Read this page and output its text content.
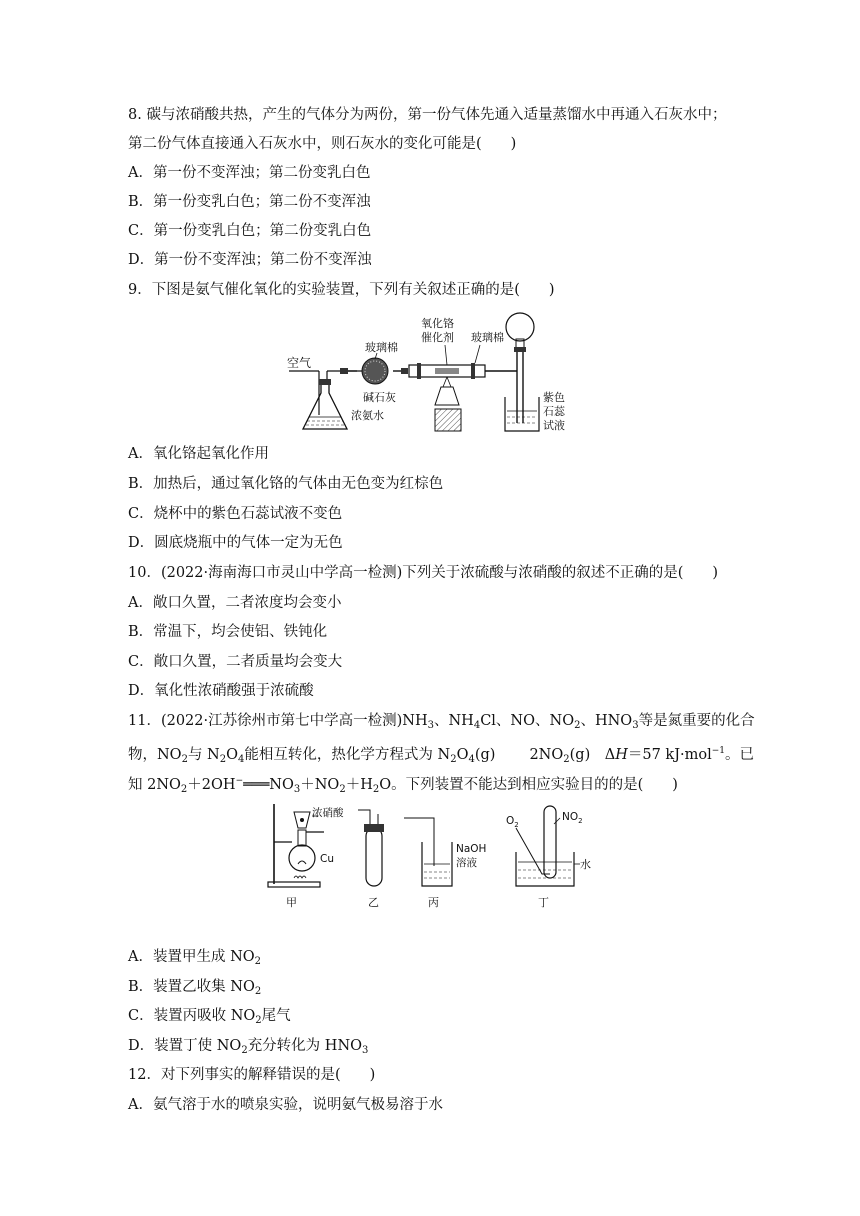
8. 碳与浓硝酸共热，产生的气体分为两份，第一份气体先通入适量蒸馏水中再通入石灰水中；
第二份气体直接通入石灰水中，则石灰水的变化可能是(　　)
A．第一份不变浑浊；第二份变乳白色
B．第一份变乳白色；第二份不变浑浊
C．第一份变乳白色；第二份变乳白色
D．第一份不变浑浊；第二份不变浑浊
9．下图是氨气催化氧化的实验装置，下列有关叙述正确的是(　　)
空气
浓氨水
玻璃棉
碱石灰
氧化铬
催化剂 玻璃棉
紫色
石蕊
试液
A．氧化铬起氧化作用
B．加热后，通过氧化铬的气体由无色变为红棕色
C．烧杯中的紫色石蕊试液不变色
D．圆底烧瓶中的气体一定为无色
10．(2022·海南海口市灵山中学高一检测)下列关于浓硫酸与浓硝酸的叙述不正确的是(　　)
A．敞口久置，二者浓度均会变小
B．常温下，均会使铝、铁钝化
C．敞口久置，二者质量均会变大
D．氧化性浓硝酸强于浓硫酸
11．(2022·江苏徐州市第七中学高一检测)$NH_3$、$NH_4Cl$、NO、$NO_2$、$HNO_3$等是氮重要的化合
物，$NO_2$与 $N_2O_4$能相互转化，热化学方程式为 $N_2O_4(g)$ $2NO_2(g)$　ΔH＝57 kJ·mol$^{-1}$。已
知 $2NO_2+2OH^-═══NO_3+NO_2+H_2O$。下列装置不能达到相应实验目的的是(　　)
浓硝酸
Cu
甲	乙
NaOH
溶液
丙
$O_2$
$NO_2$
水
丁
A．装置甲生成 $NO_2$
B．装置乙收集 $NO_2$
C．装置丙吸收 $NO_2$尾气
D．装置丁使 $NO_2$充分转化为 $HNO_3$
12．对下列事实的解释错误的是(　　)
A．氨气溶于水的喷泉实验，说明氨气极易溶于水
